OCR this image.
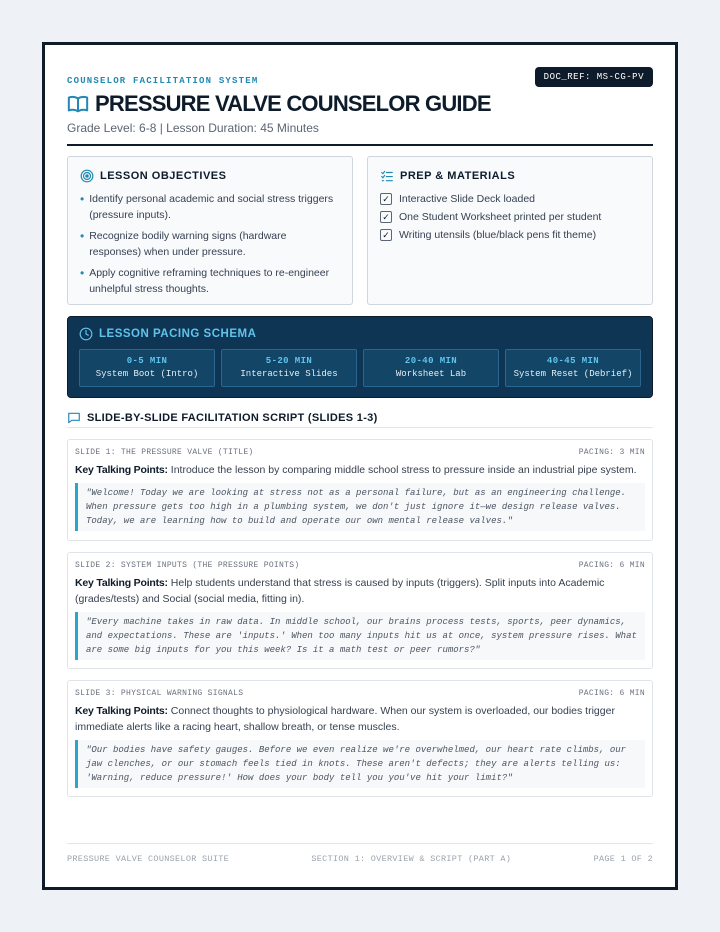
COUNSELOR FACILITATION SYSTEM	DOC_REF: MS-CG-PV
PRESSURE VALVE COUNSELOR GUIDE
Grade Level: 6-8 | Lesson Duration: 45 Minutes
LESSON OBJECTIVES
• Identify personal academic and social stress triggers (pressure inputs).
• Recognize bodily warning signs (hardware responses) when under pressure.
• Apply cognitive reframing techniques to re-engineer unhelpful stress thoughts.
PREP & MATERIALS
✓ Interactive Slide Deck loaded
✓ One Student Worksheet printed per student
✓ Writing utensils (blue/black pens fit theme)
LESSON PACING SCHEMA
0-5 MIN
System Boot (Intro)
5-20 MIN
Interactive Slides
20-40 MIN
Worksheet Lab
40-45 MIN
System Reset (Debrief)
SLIDE-BY-SLIDE FACILITATION SCRIPT (SLIDES 1-3)
SLIDE 1: THE PRESSURE VALVE (TITLE)	PACING: 3 MIN
Key Talking Points: Introduce the lesson by comparing middle school stress to pressure inside an industrial pipe system.
"Welcome! Today we are looking at stress not as a personal failure, but as an engineering challenge. When pressure gets too high in a plumbing system, we don't just ignore it—we design release valves. Today, we are learning how to build and operate our own mental release valves."
SLIDE 2: SYSTEM INPUTS (THE PRESSURE POINTS)	PACING: 6 MIN
Key Talking Points: Help students understand that stress is caused by inputs (triggers). Split inputs into Academic (grades/tests) and Social (social media, fitting in).
"Every machine takes in raw data. In middle school, our brains process tests, sports, peer dynamics, and expectations. These are 'inputs.' When too many inputs hit us at once, system pressure rises. What are some big inputs for you this week? Is it a math test or peer rumors?"
SLIDE 3: PHYSICAL WARNING SIGNALS	PACING: 6 MIN
Key Talking Points: Connect thoughts to physiological hardware. When our system is overloaded, our bodies trigger immediate alerts like a racing heart, shallow breath, or tense muscles.
"Our bodies have safety gauges. Before we even realize we're overwhelmed, our heart rate climbs, our jaw clenches, or our stomach feels tied in knots. These aren't defects; they are alerts telling us: 'Warning, reduce pressure!' How does your body tell you you've hit your limit?"
PRESSURE VALVE COUNSELOR SUITE	SECTION 1: OVERVIEW & SCRIPT (PART A)	PAGE 1 OF 2
